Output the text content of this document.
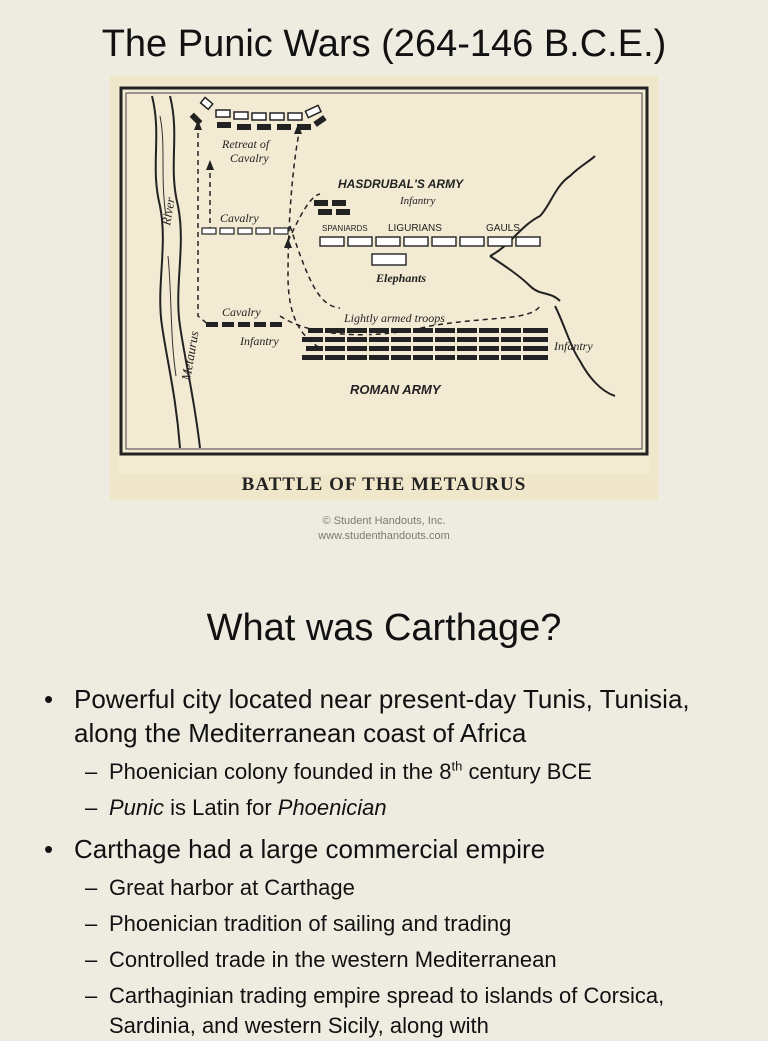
The Punic Wars (264-146 B.C.E.)
River
Metaurus
Retreat of
Cavalry
Cavalry
HASDRUBAL'S ARMY
Infantry
SPANIARDS LIGURIANS	GAULS
Elephants
Cavalry
Infantry
Lightly armed troops
Infantry
ROMAN ARMY
BATTLE OF THE METAURUS
© Student Handouts, Inc.
www.studenthandouts.com
What was Carthage?
• Powerful city located near present-day Tunis, Tunisia, along the Mediterranean coast of Africa
– Phoenician colony founded in the 8th century BCE
– Punic is Latin for Phoenician
• Carthage had a large commercial empire
– Great harbor at Carthage
– Phoenician tradition of sailing and trading
– Controlled trade in the western Mediterranean
– Carthaginian trading empire spread to islands of Corsica, Sardinia, and western Sicily, along with
